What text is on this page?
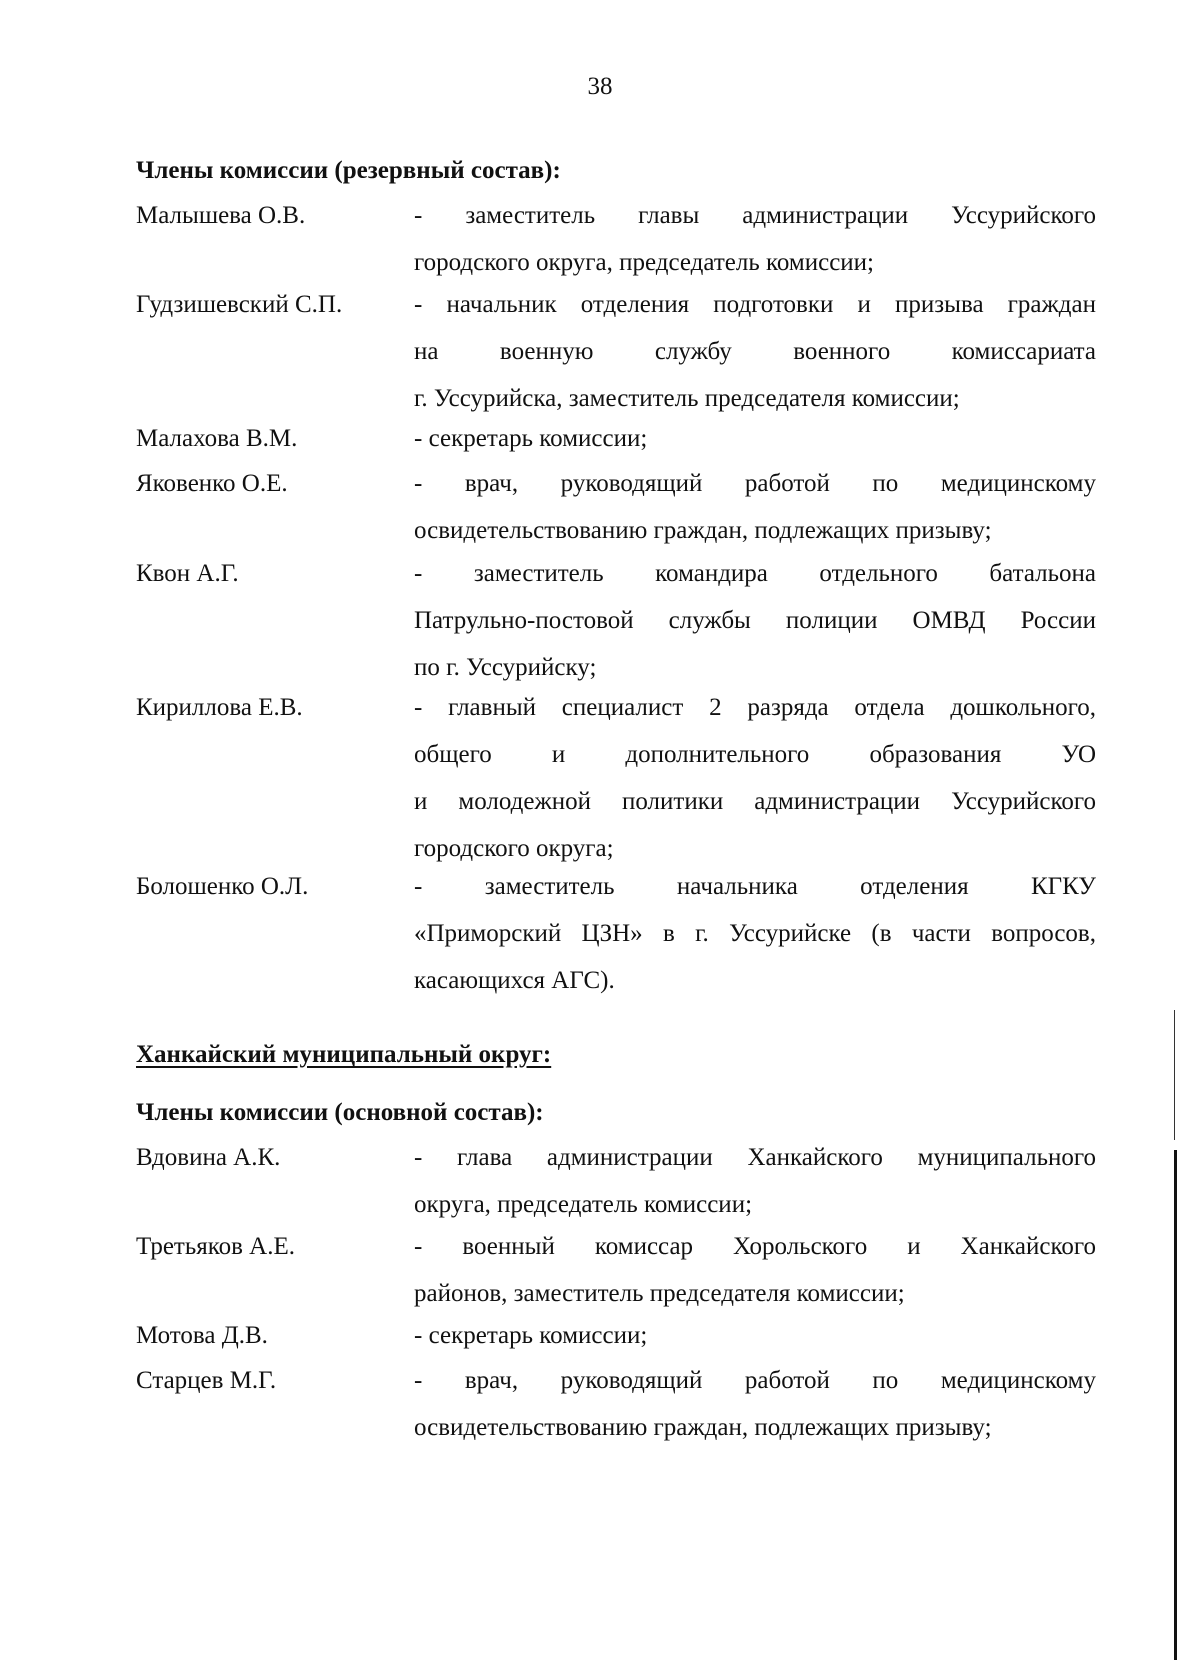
38
Члены комиссии (резервный состав):
Малышева О.В.	- заместитель главы администрации Уссурийского
городского округа, председатель комиссии;
Гудзишевский С.П.	- начальник отделения подготовки и призыва граждан
на военную службу военного комиссариата
г. Уссурийска, заместитель председателя комиссии;
Малахова В.М.	- секретарь комиссии;
Яковенко О.Е.	- врач, руководящий работой по медицинскому
освидетельствованию граждан, подлежащих призыву;
Квон А.Г.	- заместитель командира отдельного батальона
Патрульно-постовой службы полиции ОМВД России
по г. Уссурийску;
Кириллова Е.В.	- главный специалист 2 разряда отдела дошкольного,
общего и дополнительного образования УО
и молодежной политики администрации Уссурийского
городского округа;
Болошенко О.Л.	- заместитель начальника отделения КГКУ
«Приморский ЦЗН» в г. Уссурийске (в части вопросов,
касающихся АГС).
Ханкайский муниципальный округ:
Члены комиссии (основной состав):
Вдовина А.К.	- глава администрации Ханкайского муниципального
округа, председатель комиссии;
Третьяков А.Е.	- военный комиссар Хорольского и Ханкайского
районов, заместитель председателя комиссии;
Мотова Д.В.	- секретарь комиссии;
Старцев М.Г.	- врач, руководящий работой по медицинскому
освидетельствованию граждан, подлежащих призыву;
